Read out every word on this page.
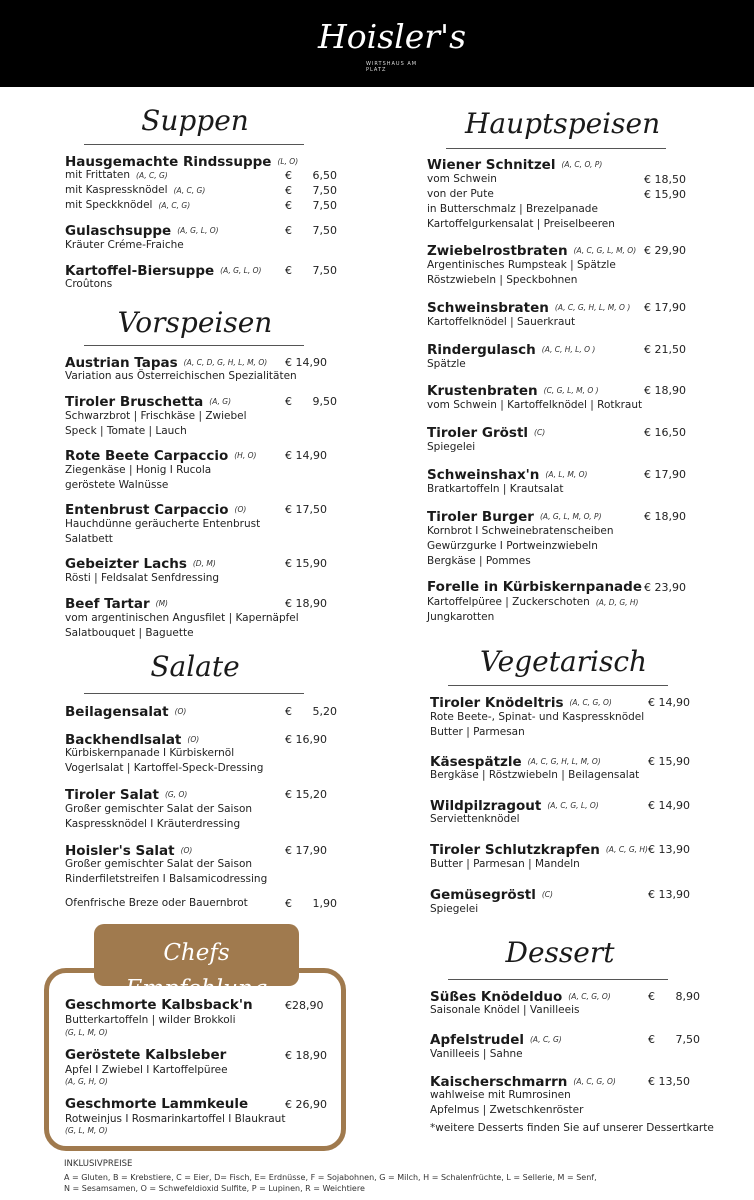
Hoisler's
WIRTSHAUS AM PLATZ
Suppen
Hausgemachte Rindssuppe (L, O)
mit Frittaten (A, C, G)	€ 6,50
mit Kaspressknödel (A, C, G)	€ 7,50
mit Speckknödel (A, C, G)	€ 7,50
Gulaschsuppe (A, G, L, O)	€ 7,50
Kräuter Créme-Fraiche
Kartoffel-Biersuppe (A, G, L, O) € 7,50
Croûtons
Vorspeisen
Austrian Tapas (A, C, D, G, H, L, M, O) € 14,90
Variation aus Österreichischen Spezialitäten
Tiroler Bruschetta (A, G)	€ 9,50
Schwarzbrot | Frischkäse | Zwiebel
Speck | Tomate | Lauch
Rote Beete Carpaccio (H, O)	€ 14,90
Ziegenkäse | Honig I Rucola
geröstete Walnüsse
Entenbrust Carpaccio (O)	€ 17,50
Hauchdünne geräucherte Entenbrust
Salatbett
Gebeizter Lachs (D, M)	€ 15,90
Rösti | Feldsalat Senfdressing
Beef Tartar (M)	€ 18,90
vom argentinischen Angusfilet | Kapernäpfel
Salatbouquet | Baguette
Salate
Beilagensalat (O)	€ 5,20
Backhendlsalat (O)	€ 16,90
Kürbiskernpanade I Kürbiskernöl
Vogerlsalat | Kartoffel-Speck-Dressing
Tiroler Salat (G, O)	€ 15,20
Großer gemischter Salat der Saison
Kaspressknödel I Kräuterdressing
Hoisler's Salat (O)	€ 17,90
Großer gemischter Salat der Saison
Rinderfiletstreifen I Balsamicodressing
Ofenfrische Breze oder Bauernbrot	€ 1,90
Chefs Empfehlung
Geschmorte Kalbsback'n	€28,90
Butterkartoffeln | wilder Brokkoli
(G, L, M, O)
Geröstete Kalbsleber	€ 18,90
Apfel I Zwiebel I Kartoffelpüree
(A, G, H, O)
Geschmorte Lammkeule	€ 26,90
Rotweinjus I Rosmarinkartoffel I Blaukraut
(G, L, M, O)
INKLUSIVPREISE
A = Gluten, B = Krebstiere, C = Eier, D= Fisch, E= Erdnüsse, F = Sojabohnen, G = Milch, H = Schalenfrüchte, L = Sellerie, M = Senf,
N = Sesamsamen, O = Schwefeldioxid Sulfite, P = Lupinen, R = Weichtiere
Hauptspeisen
Wiener Schnitzel (A, C, O, P)
vom Schwein	€ 18,50
von der Pute	€ 15,90
in Butterschmalz | Brezelpanade
Kartoffelgurkensalat | Preiselbeeren
Zwiebelrostbraten (A, C, G, L, M, O) € 29,90
Argentinisches Rumpsteak | Spätzle
Röstzwiebeln | Speckbohnen
Schweinsbraten (A, C, G, H, L, M, O ) € 17,90
Kartoffelknödel | Sauerkraut
Rindergulasch (A, C, H, L, O )	€ 21,50
Spätzle
Krustenbraten (C, G, L, M, O )	€ 18,90
vom Schwein | Kartoffelknödel | Rotkraut
Tiroler Gröstl (C)	€ 16,50
Spiegelei
Schweinshax'n (A, L, M, O)	€ 17,90
Bratkartoffeln | Krautsalat
Tiroler Burger (A, G, L, M, O, P)	€ 18,90
Kornbrot I Schweinebratenscheiben
Gewürzgurke I Portweinzwiebeln
Bergkäse | Pommes
Forelle in Kürbiskernpanade € 23,90
Kartoffelpüree | Zuckerschoten (A, D, G, H)
Jungkarotten
Vegetarisch
Tiroler Knödeltris (A, C, G, O)	€ 14,90
Rote Beete-, Spinat- und Kaspressknödel
Butter | Parmesan
Käsespätzle (A, C, G, H, L, M, O)	€ 15,90
Bergkäse | Röstzwiebeln | Beilagensalat
Wildpilzragout (A, C, G, L, O)	€ 14,90
Serviettenknödel
Tiroler Schlutzkrapfen (A, C, G, H) € 13,90
Butter | Parmesan | Mandeln
Gemüsegröstl (C)	€ 13,90
Spiegelei
Dessert
Süßes Knödelduo (A, C, G, O)	€ 8,90
Saisonale Knödel | Vanilleeis
Apfelstrudel (A, C, G)	€ 7,50
Vanilleeis | Sahne
Kaischerschmarrn (A, C, G, O)	€ 13,50
wahlweise mit Rumrosinen
Apfelmus | Zwetschkenröster
*weitere Desserts finden Sie auf unserer Dessertkarte
